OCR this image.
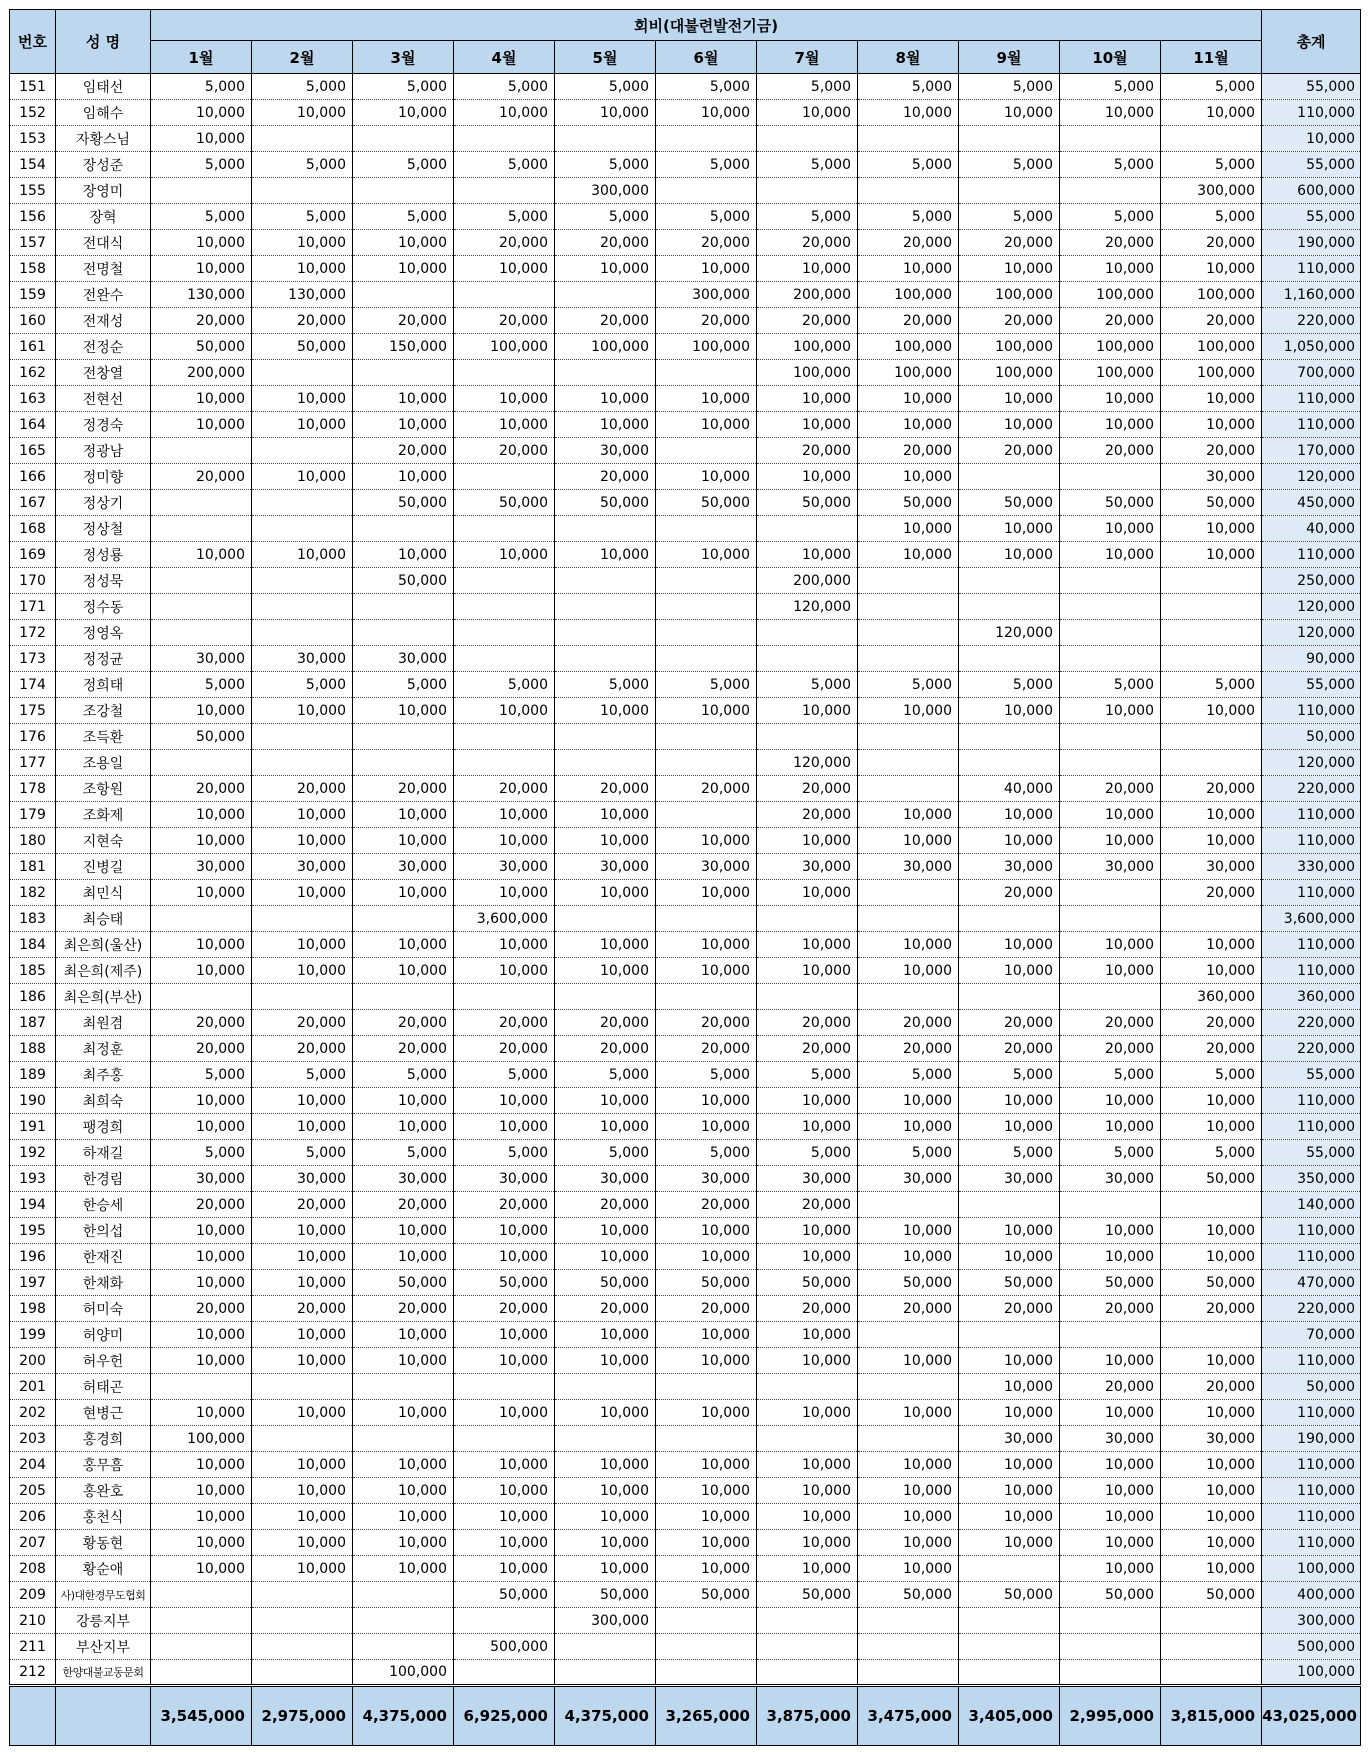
번호	성 명	회비(대불련발전기금)											총계
		1월	2월	3월	4월	5월	6월	7월	8월	9월	10월	11월	
151	임태선	5,000	5,000	5,000	5,000	5,000	5,000	5,000	5,000	5,000	5,000	5,000	55,000
152	임해수	10,000	10,000	10,000	10,000	10,000	10,000	10,000	10,000	10,000	10,000	10,000	110,000
153	자황스님	10,000											10,000
154	장성준	5,000	5,000	5,000	5,000	5,000	5,000	5,000	5,000	5,000	5,000	5,000	55,000
155	장영미					300,000						300,000	600,000
156	장혁	5,000	5,000	5,000	5,000	5,000	5,000	5,000	5,000	5,000	5,000	5,000	55,000
157	전대식	10,000	10,000	10,000	20,000	20,000	20,000	20,000	20,000	20,000	20,000	20,000	190,000
158	전명철	10,000	10,000	10,000	10,000	10,000	10,000	10,000	10,000	10,000	10,000	10,000	110,000
159	전완수	130,000	130,000				300,000	200,000	100,000	100,000	100,000	100,000	1,160,000
160	전재성	20,000	20,000	20,000	20,000	20,000	20,000	20,000	20,000	20,000	20,000	20,000	220,000
161	전정순	50,000	50,000	150,000	100,000	100,000	100,000	100,000	100,000	100,000	100,000	100,000	1,050,000
162	전창열	200,000						100,000	100,000	100,000	100,000	100,000	700,000
163	전현선	10,000	10,000	10,000	10,000	10,000	10,000	10,000	10,000	10,000	10,000	10,000	110,000
164	정경숙	10,000	10,000	10,000	10,000	10,000	10,000	10,000	10,000	10,000	10,000	10,000	110,000
165	정광남			20,000	20,000	30,000		20,000	20,000	20,000	20,000	20,000	170,000
166	정미향	20,000	10,000	10,000		20,000	10,000	10,000	10,000			30,000	120,000
167	정상기			50,000	50,000	50,000	50,000	50,000	50,000	50,000	50,000	50,000	450,000
168	정상철								10,000	10,000	10,000	10,000	40,000
169	정성룡	10,000	10,000	10,000	10,000	10,000	10,000	10,000	10,000	10,000	10,000	10,000	110,000
170	정성묵			50,000				200,000					250,000
171	정수동							120,000					120,000
172	정영옥									120,000			120,000
173	정정균	30,000	30,000	30,000									90,000
174	정희태	5,000	5,000	5,000	5,000	5,000	5,000	5,000	5,000	5,000	5,000	5,000	55,000
175	조강철	10,000	10,000	10,000	10,000	10,000	10,000	10,000	10,000	10,000	10,000	10,000	110,000
176	조득환	50,000											50,000
177	조용일							120,000					120,000
178	조항원	20,000	20,000	20,000	20,000	20,000	20,000	20,000		40,000	20,000	20,000	220,000
179	조화제	10,000	10,000	10,000	10,000	10,000		20,000	10,000	10,000	10,000	10,000	110,000
180	지현숙	10,000	10,000	10,000	10,000	10,000	10,000	10,000	10,000	10,000	10,000	10,000	110,000
181	진병길	30,000	30,000	30,000	30,000	30,000	30,000	30,000	30,000	30,000	30,000	30,000	330,000
182	최민식	10,000	10,000	10,000	10,000	10,000	10,000	10,000		20,000		20,000	110,000
183	최승태				3,600,000								3,600,000
184	최은희(울산)	10,000	10,000	10,000	10,000	10,000	10,000	10,000	10,000	10,000	10,000	10,000	110,000
185	최은희(제주)	10,000	10,000	10,000	10,000	10,000	10,000	10,000	10,000	10,000	10,000	10,000	110,000
186	최은희(부산)											360,000	360,000
187	최원겸	20,000	20,000	20,000	20,000	20,000	20,000	20,000	20,000	20,000	20,000	20,000	220,000
188	최정훈	20,000	20,000	20,000	20,000	20,000	20,000	20,000	20,000	20,000	20,000	20,000	220,000
189	최주홍	5,000	5,000	5,000	5,000	5,000	5,000	5,000	5,000	5,000	5,000	5,000	55,000
190	최희숙	10,000	10,000	10,000	10,000	10,000	10,000	10,000	10,000	10,000	10,000	10,000	110,000
191	팽경희	10,000	10,000	10,000	10,000	10,000	10,000	10,000	10,000	10,000	10,000	10,000	110,000
192	하재길	5,000	5,000	5,000	5,000	5,000	5,000	5,000	5,000	5,000	5,000	5,000	55,000
193	한경림	30,000	30,000	30,000	30,000	30,000	30,000	30,000	30,000	30,000	30,000	50,000	350,000
194	한승세	20,000	20,000	20,000	20,000	20,000	20,000	20,000					140,000
195	한의섭	10,000	10,000	10,000	10,000	10,000	10,000	10,000	10,000	10,000	10,000	10,000	110,000
196	한재진	10,000	10,000	10,000	10,000	10,000	10,000	10,000	10,000	10,000	10,000	10,000	110,000
197	한채화	10,000	10,000	50,000	50,000	50,000	50,000	50,000	50,000	50,000	50,000	50,000	470,000
198	허미숙	20,000	20,000	20,000	20,000	20,000	20,000	20,000	20,000	20,000	20,000	20,000	220,000
199	허양미	10,000	10,000	10,000	10,000	10,000	10,000	10,000					70,000
200	허우헌	10,000	10,000	10,000	10,000	10,000	10,000	10,000	10,000	10,000	10,000	10,000	110,000
201	허태곤									10,000	20,000	20,000	50,000
202	현병근	10,000	10,000	10,000	10,000	10,000	10,000	10,000	10,000	10,000	10,000	10,000	110,000
203	홍경희	100,000								30,000	30,000	30,000	190,000
204	홍무흠	10,000	10,000	10,000	10,000	10,000	10,000	10,000	10,000	10,000	10,000	10,000	110,000
205	홍완호	10,000	10,000	10,000	10,000	10,000	10,000	10,000	10,000	10,000	10,000	10,000	110,000
206	홍천식	10,000	10,000	10,000	10,000	10,000	10,000	10,000	10,000	10,000	10,000	10,000	110,000
207	황동현	10,000	10,000	10,000	10,000	10,000	10,000	10,000	10,000	10,000	10,000	10,000	110,000
208	황순애	10,000	10,000	10,000	10,000	10,000	10,000	10,000	10,000		10,000	10,000	100,000
209	사)대한경무도협회				50,000	50,000	50,000	50,000	50,000	50,000	50,000	50,000	400,000
210	강릉지부					300,000							300,000
211	부산지부				500,000								500,000
212	한양대불교동문회			100,000									100,000
		3,545,000	2,975,000	4,375,000	6,925,000	4,375,000	3,265,000	3,875,000	3,475,000	3,405,000	2,995,000	3,815,000	43,025,000
